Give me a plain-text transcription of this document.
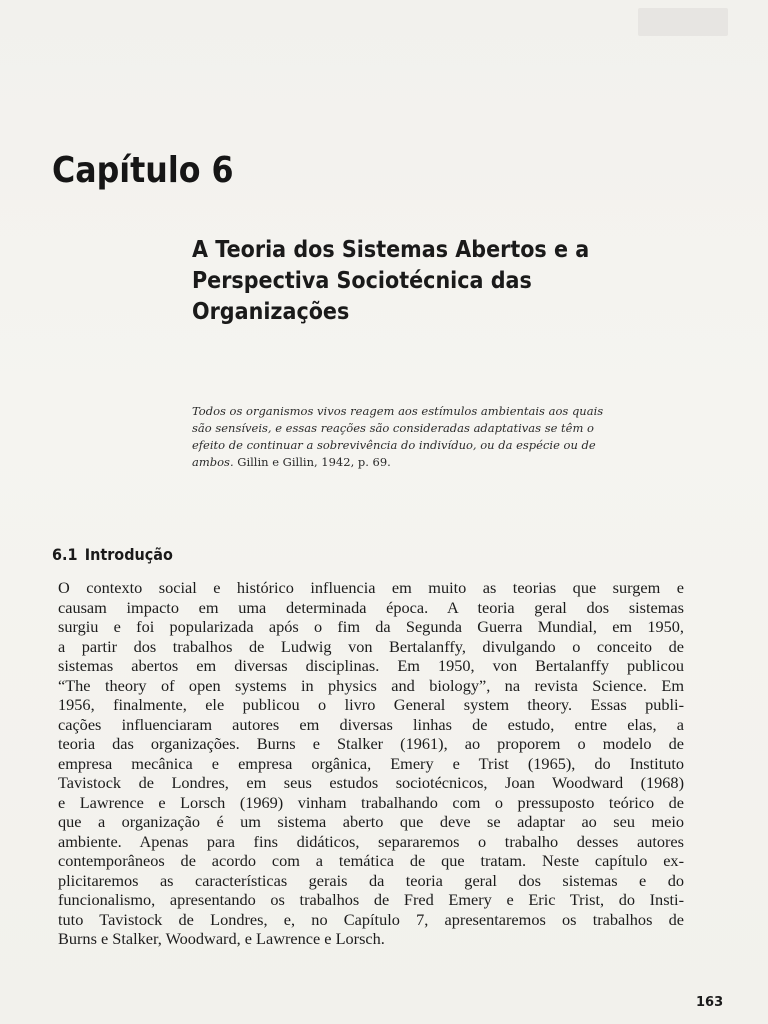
Capítulo 6
A Teoria dos Sistemas Abertos e a
Perspectiva Sociotécnica das
Organizações
Todos os organismos vivos reagem aos estímulos ambientais aos quais
são sensíveis, e essas reações são consideradas adaptativas se têm o
efeito de continuar a sobrevivência do indivíduo, ou da espécie ou de
ambos. Gillin e Gillin, 1942, p. 69.
6.1 Introdução
O contexto social e histórico influencia em muito as teorias que surgem e
causam impacto em uma determinada época. A teoria geral dos sistemas
surgiu e foi popularizada após o fim da Segunda Guerra Mundial, em 1950,
a partir dos trabalhos de Ludwig von Bertalanffy, divulgando o conceito de
sistemas abertos em diversas disciplinas. Em 1950, von Bertalanffy publicou
“The theory of open systems in physics and biology”, na revista Science. Em
1956, finalmente, ele publicou o livro General system theory. Essas publi-
cações influenciaram autores em diversas linhas de estudo, entre elas, a
teoria das organizações. Burns e Stalker (1961), ao proporem o modelo de
empresa mecânica e empresa orgânica, Emery e Trist (1965), do Instituto
Tavistock de Londres, em seus estudos sociotécnicos, Joan Woodward (1968)
e Lawrence e Lorsch (1969) vinham trabalhando com o pressuposto teórico de
que a organização é um sistema aberto que deve se adaptar ao seu meio
ambiente. Apenas para fins didáticos, separaremos o trabalho desses autores
contemporâneos de acordo com a temática de que tratam. Neste capítulo ex-
plicitaremos as características gerais da teoria geral dos sistemas e do
funcionalismo, apresentando os trabalhos de Fred Emery e Eric Trist, do Insti-
tuto Tavistock de Londres, e, no Capítulo 7, apresentaremos os trabalhos de
Burns e Stalker, Woodward, e Lawrence e Lorsch.
163
